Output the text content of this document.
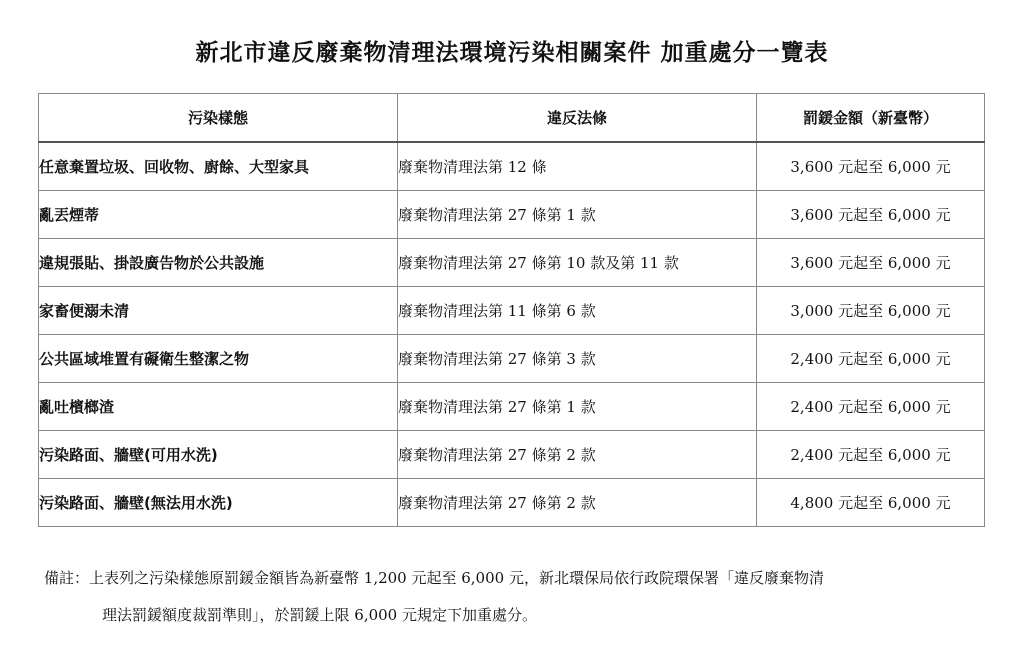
新北市違反廢棄物清理法環境污染相關案件 加重處分一覽表
污染樣態	違反法條	罰鍰金額（新臺幣）
任意棄置垃圾、回收物、廚餘、大型家具	廢棄物清理法第 12 條	3,600 元起至 6,000 元
亂丟煙蒂	廢棄物清理法第 27 條第 1 款	3,600 元起至 6,000 元
違規張貼、掛設廣告物於公共設施	廢棄物清理法第 27 條第 10 款及第 11 款	3,600 元起至 6,000 元
家畜便溺未清	廢棄物清理法第 11 條第 6 款	3,000 元起至 6,000 元
公共區域堆置有礙衛生整潔之物	廢棄物清理法第 27 條第 3 款	2,400 元起至 6,000 元
亂吐檳榔渣	廢棄物清理法第 27 條第 1 款	2,400 元起至 6,000 元
污染路面、牆壁(可用水洗)	廢棄物清理法第 27 條第 2 款	2,400 元起至 6,000 元
污染路面、牆壁(無法用水洗)	廢棄物清理法第 27 條第 2 款	4,800 元起至 6,000 元
備註：上表列之污染樣態原罰鍰金額皆為新臺幣 1,200 元起至 6,000 元，新北環保局依行政院環保署「違反廢棄物清
理法罰鍰額度裁罰準則」，於罰鍰上限 6,000 元規定下加重處分。
